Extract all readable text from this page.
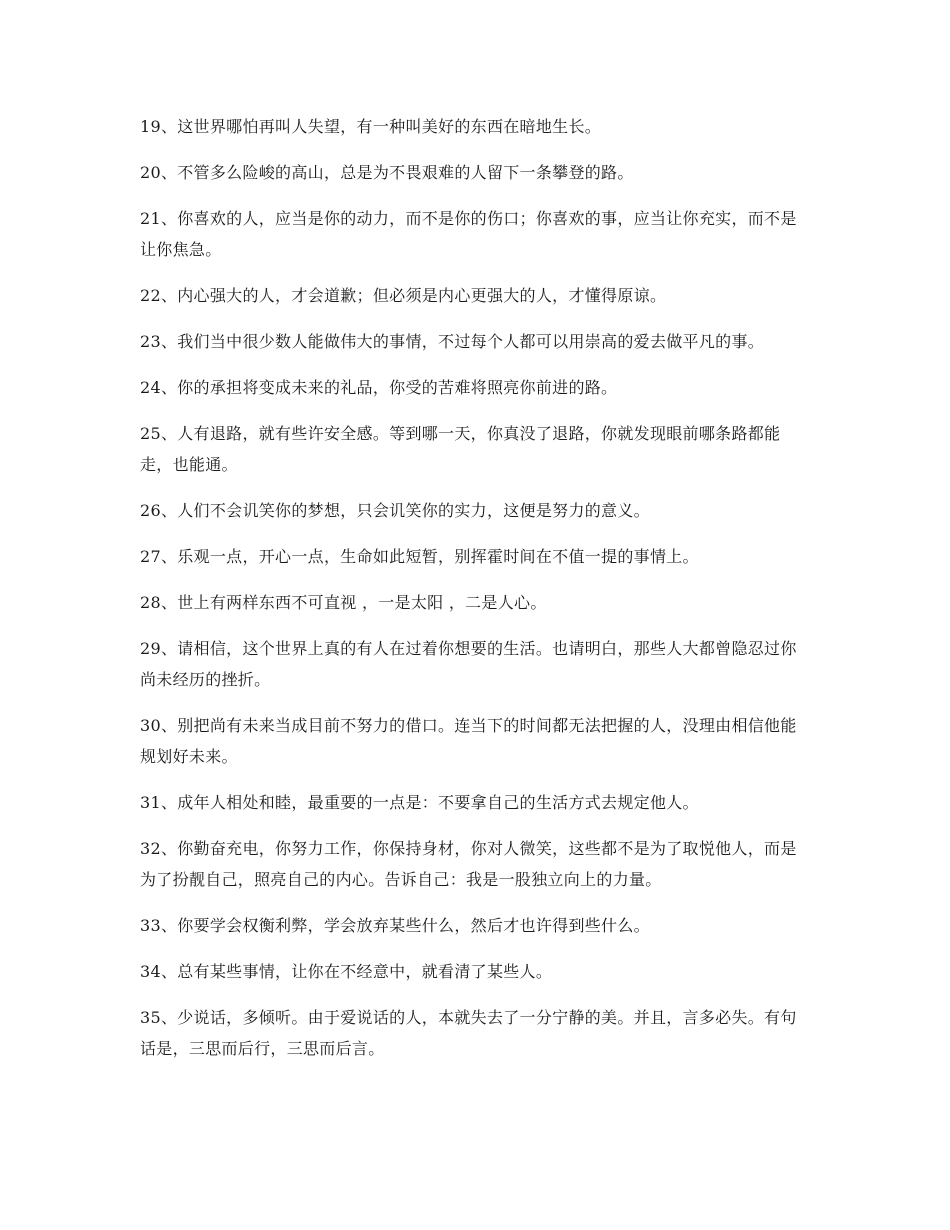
19、这世界哪怕再叫人失望，有一种叫美好的东西在暗地生长。

20、不管多么险峻的高山，总是为不畏艰难的人留下一条攀登的路。

21、你喜欢的人，应当是你的动力，而不是你的伤口；你喜欢的事，应当让你充实，而不是让你焦急。

22、内心强大的人，才会道歉；但必须是内心更强大的人，才懂得原谅。

23、我们当中很少数人能做伟大的事情，不过每个人都可以用崇高的爱去做平凡的事。

24、你的承担将变成未来的礼品，你受的苦难将照亮你前进的路。

25、人有退路，就有些许安全感。等到哪一天，你真没了退路，你就发现眼前哪条路都能走，也能通。

26、人们不会讥笑你的梦想，只会讥笑你的实力，这便是努力的意义。

27、乐观一点，开心一点，生命如此短暂，别挥霍时间在不值一提的事情上。

28、世上有两样东西不可直视 ，一是太阳 ，二是人心。

29、请相信，这个世界上真的有人在过着你想要的生活。也请明白，那些人大都曾隐忍过你尚未经历的挫折。

30、别把尚有未来当成目前不努力的借口。连当下的时间都无法把握的人，没理由相信他能规划好未来。

31、成年人相处和睦，最重要的一点是：不要拿自己的生活方式去规定他人。

32、你勤奋充电，你努力工作，你保持身材，你对人微笑，这些都不是为了取悦他人，而是为了扮靓自己，照亮自己的内心。告诉自己：我是一股独立向上的力量。

33、你要学会权衡利弊，学会放弃某些什么，然后才也许得到些什么。

34、总有某些事情，让你在不经意中，就看清了某些人。

35、少说话，多倾听。由于爱说话的人，本就失去了一分宁静的美。并且，言多必失。有句话是，三思而后行，三思而后言。
